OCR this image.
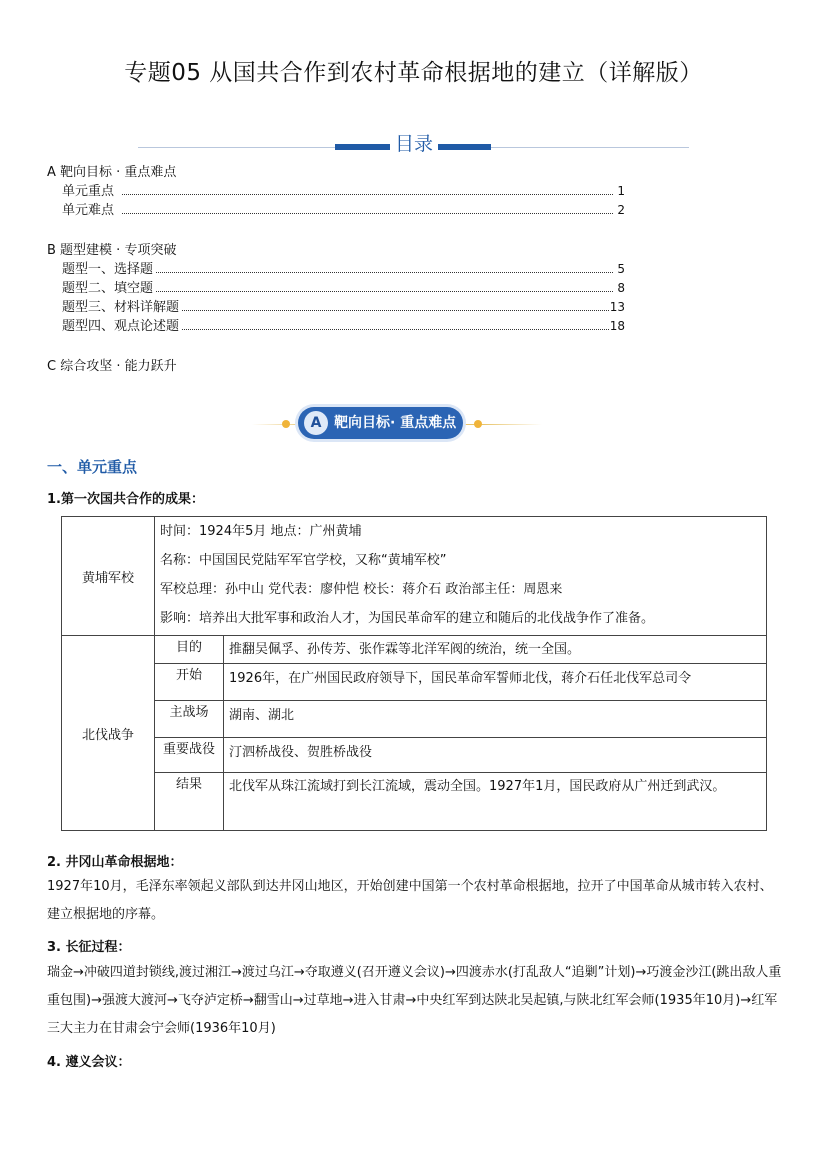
专题05 从国共合作到农村革命根据地的建立（详解版）
目录
A 靶向目标 · 重点难点
单元重点	1
单元难点	2
B 题型建模 · 专项突破
题型一、选择题	5
题型二、填空题	8
题型三、材料详解题	13
题型四、观点论述题	18
C 综合攻坚 · 能力跃升
A 靶向目标· 重点难点
一、单元重点
1.第一次国共合作的成果：
黄埔军校	时间：1924年5月 地点：广州黄埔
名称：中国国民党陆军军官学校，又称“黄埔军校”
军校总理：孙中山 党代表：廖仲恺 校长：蒋介石 政治部主任：周恩来
影响：培养出大批军事和政治人才，为国民革命军的建立和随后的北伐战争作了准备。	

北伐战争	目的	推翻吴佩孚、孙传芳、张作霖等北洋军阀的统治，统一全国。
	开始	1926年，在广州国民政府领导下，国民革命军誓师北伐，蒋介石任北伐军总司令
	主战场	湖南、湖北
	重要战役	汀泗桥战役、贺胜桥战役
	结果	北伐军从珠江流域打到长江流域，震动全国。1927年1月，国民政府从广州迁到武汉。
2. 井冈山革命根据地：
1927年10月，毛泽东率领起义部队到达井冈山地区，开始创建中国第一个农村革命根据地，拉开了中国革命从城市转入农村、建立根据地的序幕。
3. 长征过程：
瑞金→冲破四道封锁线,渡过湘江→渡过乌江→夺取遵义(召开遵义会议)→四渡赤水(打乱敌人“追剿”计划)→巧渡金沙江(跳出敌人重重包围)→强渡大渡河→飞夺泸定桥→翻雪山→过草地→进入甘肃→中央红军到达陕北吴起镇,与陕北红军会师(1935年10月)→红军三大主力在甘肃会宁会师(1936年10月)
4. 遵义会议：
